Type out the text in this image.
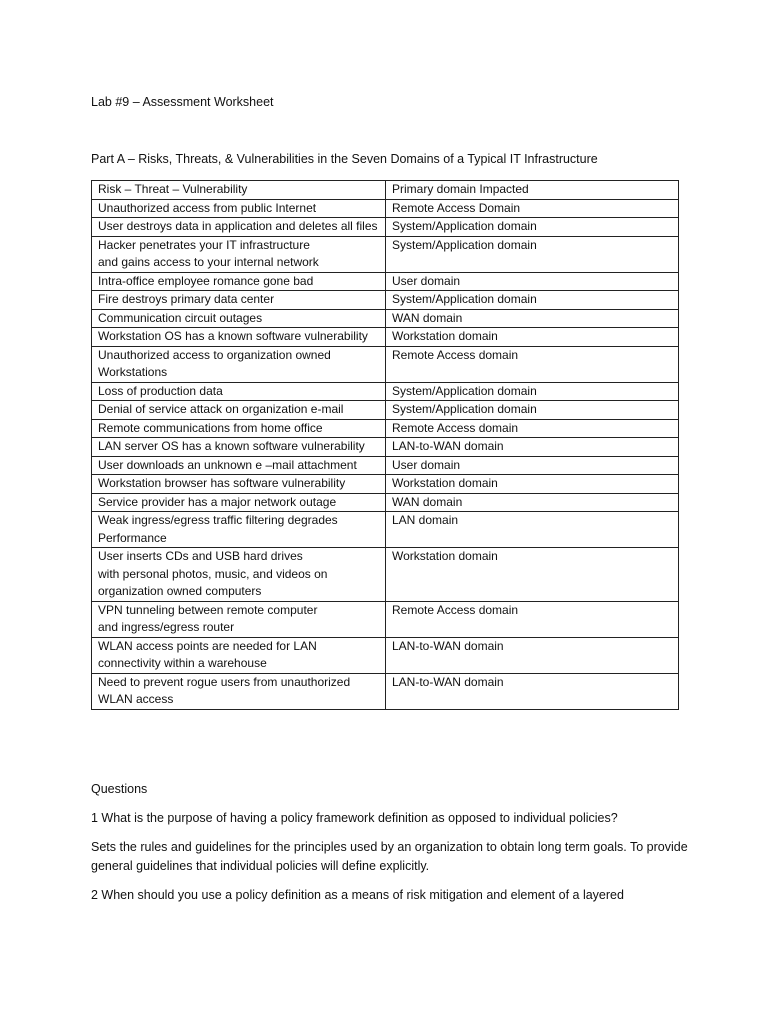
Lab #9 – Assessment Worksheet
Part A – Risks, Threats, & Vulnerabilities in the Seven Domains of a Typical IT Infrastructure
Risk – Threat – Vulnerability	Primary domain Impacted
Unauthorized access from public Internet	Remote Access Domain
User destroys data in application and deletes all files	System/Application domain
Hacker penetrates your IT infrastructure
and gains access to your internal network	System/Application domain
Intra-office employee romance gone bad	User domain
Fire destroys primary data center	System/Application domain
Communication circuit outages	WAN domain
Workstation OS has a known software vulnerability	Workstation domain
Unauthorized access to organization owned Workstations	Remote Access domain
Loss of production data	System/Application domain
Denial of service attack on organization e-mail	System/Application domain
Remote communications from home office	Remote Access domain
LAN server OS has a known software vulnerability	LAN-to-WAN domain
User downloads an unknown e –mail attachment	User domain
Workstation browser has software vulnerability	Workstation domain
Service provider has a major network outage	WAN domain
Weak ingress/egress traffic filtering degrades Performance	LAN domain
User inserts CDs and USB hard drives
with personal photos, music, and videos on organization owned computers	Workstation domain
VPN tunneling between remote computer
and ingress/egress router	Remote Access domain
WLAN access points are needed for LAN connectivity within a warehouse	LAN-to-WAN domain
Need to prevent rogue users from unauthorized WLAN access	LAN-to-WAN domain
Questions
1 What is the purpose of having a policy framework definition as opposed to individual policies?
Sets the rules and guidelines for the principles used by an organization to obtain long term goals. To provide general guidelines that individual policies will define explicitly.
2 When should you use a policy definition as a means of risk mitigation and element of a layered
